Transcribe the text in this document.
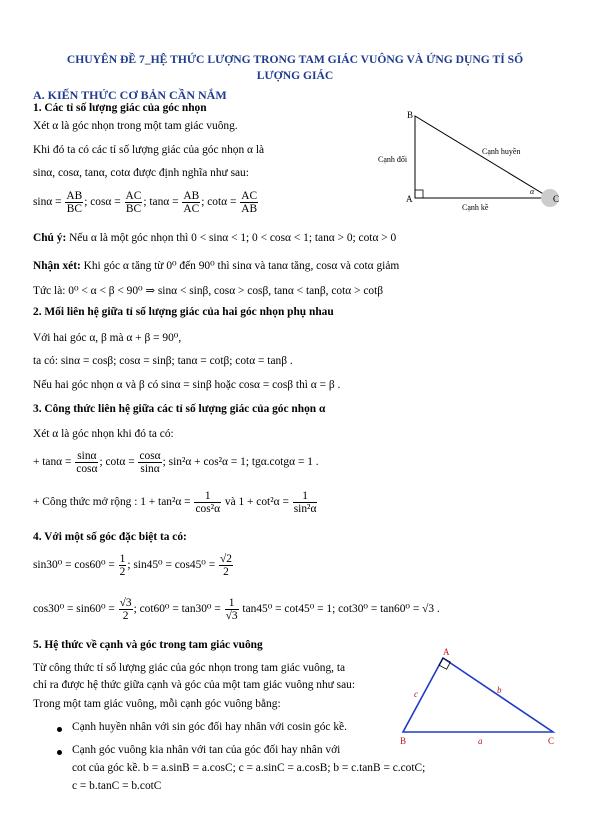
CHUYÊN ĐỀ 7_HỆ THỨC LƯỢNG TRONG TAM GIÁC VUÔNG VÀ ỨNG DỤNG TỈ SỐ
LƯỢNG GIÁC
A. KIẾN THỨC CƠ BẢN CẦN NẮM
1. Các tỉ số lượng giác của góc nhọn
Xét α là góc nhọn trong một tam giác vuông.
Khi đó ta có các tỉ số lượng giác của góc nhọn α là
sinα, cosα, tanα, cotα được định nghĩa như sau:
$\sin\alpha = \frac{AB}{BC}$ ; $\cos\alpha = \frac{AC}{BC}$ ; $\tan\alpha = \frac{AB}{AC}$ ; $\cot\alpha = \frac{AC}{AB}$
Chú ý: Nếu α là một góc nhọn thì 0 < sinα < 1; 0 < cosα < 1; tanα > 0; cotα > 0
Nhận xét: Khi góc α tăng từ 0⁰ đến 90⁰ thì sinα và tanα tăng, cosα và cotα giảm
Tức là: 0⁰ < α < β < 90⁰ ⇒ sinα < sinβ, cosα > cosβ, tanα < tanβ, cotα > cotβ
B
A	C
Cạnh đối
Cạnh huyền
Cạnh kề
α
2. Mối liên hệ giữa tỉ số lượng giác của hai góc nhọn phụ nhau
Với hai góc α, β mà α + β = 90⁰,
ta có: sinα = cosβ; cosα = sinβ; tanα = cotβ; cotα = tanβ .
Nếu hai góc nhọn α và β có sinα = sinβ hoặc cosα = cosβ thì α = β .
3. Công thức liên hệ giữa các tỉ số lượng giác của góc nhọn α
Xét α là góc nhọn khi đó ta có:
+ $\tan\alpha = \frac{\sin\alpha}{\cos\alpha}$ ; $\cot\alpha = \frac{\cos\alpha}{\sin\alpha}$ ; sin²α + cos²α = 1; tgα.cotgα = 1 .
+ Công thức mở rộng : $1 + \tan^2\alpha = \frac{1}{\text{cos²α}}$ và $1 + \cot^2\alpha = \frac{1}{\text{sin²α}}$
4. Với một số góc đặc biệt ta có:
$\sin 30^0 = \cos 60^0 = \frac{1}{2}$ ; $\sin 45^0 = \cos 45^0 = \frac{√2}{2}$
$\cos 30^0 = \sin 60^0 = \frac{√3}{2}$ ; $\cot 60^0 = \tan 30^0 = \frac{1}{√3} \tan 45^0 = \cot 45^0 = 1$; cot30⁰ = tan60⁰ = √3 .
5. Hệ thức về cạnh và góc trong tam giác vuông
Từ công thức tỉ số lượng giác của góc nhọn trong tam giác vuông, ta
chỉ ra được hệ thức giữa cạnh và góc của một tam giác vuông như sau:
Trong một tam giác vuông, mỗi cạnh góc vuông bằng:
Cạnh huyền nhân với sin góc đối hay nhân với cosin góc kề.
Cạnh góc vuông kia nhân với tan của góc đối hay nhân với
cot của góc kề. b = a.sinB = a.cosC; c = a.sinC = a.cosB; b = c.tanB = c.cotC;
c = b.tanC = b.cotC
A
B	C
a
b
c
